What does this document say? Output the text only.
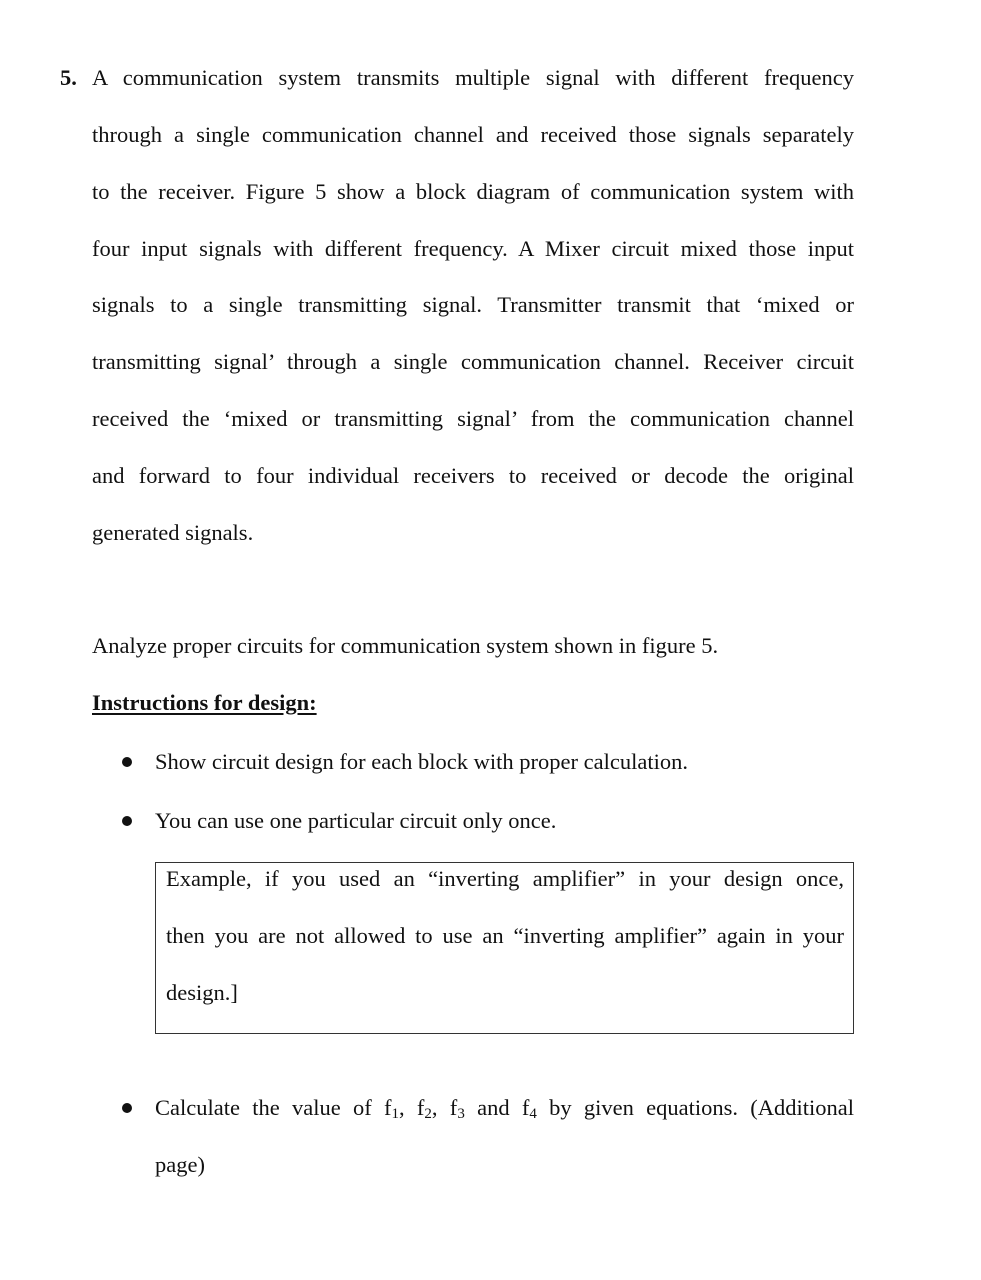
5. A communication system transmits multiple signal with different frequency
through a single communication channel and received those signals separately
to the receiver. Figure 5 show a block diagram of communication system with
four input signals with different frequency. A Mixer circuit mixed those input
signals to a single transmitting signal. Transmitter transmit that ‘mixed or
transmitting signal’ through a single communication channel. Receiver circuit
received the ‘mixed or transmitting signal’ from the communication channel
and forward to four individual receivers to received or decode the original
generated signals.
Analyze proper circuits for communication system shown in figure 5.
Instructions for design:
Show circuit design for each block with proper calculation.
You can use one particular circuit only once.
Example, if you used an “inverting amplifier” in your design once,
then you are not allowed to use an “inverting amplifier” again in your
design.]
Calculate the value of $f_1$, $f_2$, $f_3$ and $f_4$ by given equations. (Additional
page)
